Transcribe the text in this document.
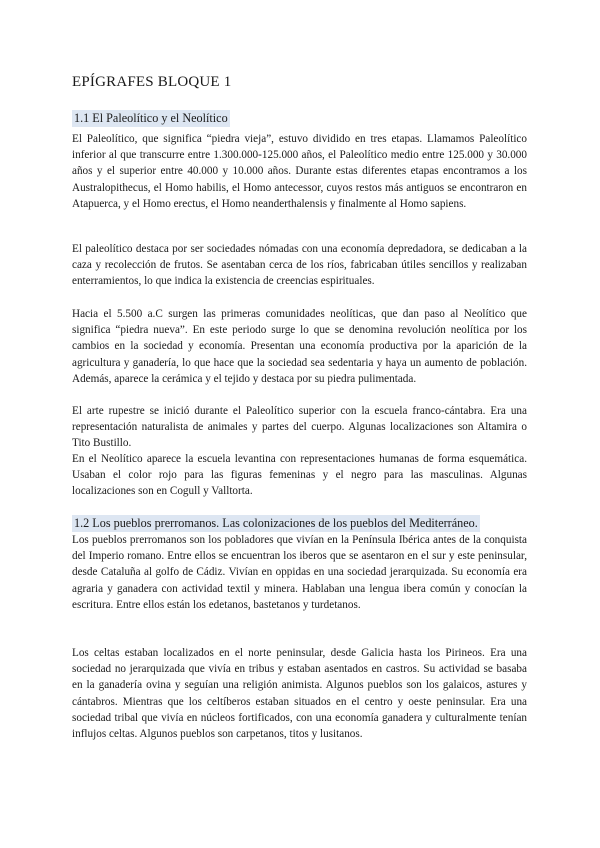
EPÍGRAFES BLOQUE 1
1.1 El Paleolítico y el Neolítico

El Paleolítico, que significa “piedra vieja”, estuvo dividido en tres etapas. Llamamos Paleolítico inferior al que transcurre entre 1.300.000-125.000 años, el Paleolítico medio entre 125.000 y 30.000 años y el superior entre 40.000 y 10.000 años. Durante estas diferentes etapas encontramos a los Australopithecus, el Homo habilis, el Homo antecessor, cuyos restos más antiguos se encontraron en Atapuerca, y el Homo erectus, el Homo neanderthalensis y finalmente al Homo sapiens.

El paleolítico destaca por ser sociedades nómadas con una economía depredadora, se dedicaban a la caza y recolección de frutos. Se asentaban cerca de los ríos, fabricaban útiles sencillos y realizaban enterramientos, lo que indica la existencia de creencias espirituales.

Hacia el 5.500 a.C surgen las primeras comunidades neolíticas, que dan paso al Neolítico que significa “piedra nueva”. En este periodo surge lo que se denomina revolución neolítica por los cambios en la sociedad y economía. Presentan una economía productiva por la aparición de la agricultura y ganadería, lo que hace que la sociedad sea sedentaria y haya un aumento de población. Además, aparece la cerámica y el tejido y destaca por su piedra pulimentada.

El arte rupestre se inició durante el Paleolítico superior con la escuela franco-cántabra. Era una representación naturalista de animales y partes del cuerpo. Algunas localizaciones son Altamira o Tito Bustillo.

En el Neolítico aparece la escuela levantina con representaciones humanas de forma esquemática. Usaban el color rojo para las figuras femeninas y el negro para las masculinas. Algunas localizaciones son en Cogull y Valltorta.

1.2 Los pueblos prerromanos. Las colonizaciones de los pueblos del Mediterráneo.

Los pueblos prerromanos son los pobladores que vivían en la Península Ibérica antes de la conquista del Imperio romano. Entre ellos se encuentran los iberos que se asentaron en el sur y este peninsular, desde Cataluña al golfo de Cádiz. Vivían en oppidas en una sociedad jerarquizada. Su economía era agraria y ganadera con actividad textil y minera. Hablaban una lengua ibera común y conocían la escritura. Entre ellos están los edetanos, bastetanos y turdetanos.

Los celtas estaban localizados en el norte peninsular, desde Galicia hasta los Pirineos. Era una sociedad no jerarquizada que vivía en tribus y estaban asentados en castros. Su actividad se basaba en la ganadería ovina y seguían una religión animista. Algunos pueblos son los galaicos, astures y cántabros. Mientras que los celtíberos estaban situados en el centro y oeste peninsular. Era una sociedad tribal que vivía en núcleos fortificados, con una economía ganadera y culturalmente tenían influjos celtas. Algunos pueblos son carpetanos, titos y lusitanos.
